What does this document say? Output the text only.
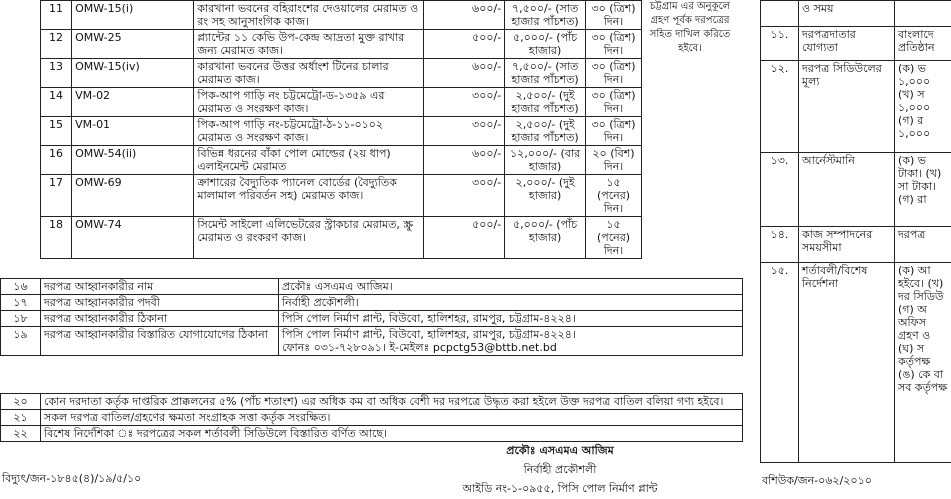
11	OMW-15(i)	কারখানা ভবনের বহিরাংশের দেওয়ালের মেরামত ও রং সহ আনুসাংগিক কাজ।	৬০০/-	৭,৫০০/- (সাত হাজার পাঁচশত)	৩০ (ত্রিশ) দিন।
12	OMW-25	প্ল্যান্টের ১১ কেভি উপ-কেন্দ্র আদ্রতা মুক্ত রাখার জন্য মেরামত কাজ।	৫০০/-	৫,০০০/- (পাঁচ হাজার)	৩০ (ত্রিশ) দিন।
13	OMW-15(iv)	কারখানা ভবনের উত্তর অর্ধাংশ টিনের চালার মেরামত কাজ।	৬০০/-	৭,৫০০/- (সাত হাজার পাঁচশত)	৩০ (ত্রিশ) দিন।
14	VM-02	পিক-আপ গাড়ি নং চট্টমেট্রো-ড-১৩৫৯ এর মেরামত ও সংরক্ষণ কাজ।	৩০০/-	২,৫০০/- (দুই হাজার পাঁচশত)	৩০ (ত্রিশ) দিন।
15	VM-01	পিক-আপ গাড়ি নং-চট্টমেট্রো-ঠ-১১-০১০২ মেরামত ও সংরক্ষণ কাজ।	৩০০/-	২,৫০০/- (দুই হাজার পাঁচশত)	৩০ (ত্রিশ) দিন।
16	OMW-54(ii)	বিভিন্ন ধরনের বাঁকা পোল মোল্ডের (২য় ধাপ) এলাইনমেন্ট মেরামত	৬০০/-	১২,০০০/- (বার হাজার)	২০ (বিশ) দিন।
17	OMW-69	ক্রাশারের বৈদ্যুতিক প্যানেল বোর্ডের (বৈদ্যুতিক মালামাল পরিবর্তন সহ) মেরামত কাজ।	৩০০/-	২,০০০/- (দুই হাজার)	১৫ (পনের) দিন।
18	OMW-74	সিমেন্ট সাইলো এলিভেটরের স্ট্রাকচার মেরামত, স্ক্রু মেরামত ও রংকরণ কাজ।	৫০০/-	৫,০০০/- (পাঁচ হাজার)	১৫ (পনের) দিন।
চট্টগ্রাম এর অনুকূলে গ্রহণ পূর্বক দরপত্রের সহিত দাখিল করিতে হইবে।
১৬	দরপত্র আহ্বানকারীর নাম	প্রকৌঃ এসএমএ আজিম।
১৭	দরপত্র আহ্বানকারীর পদবী	নির্বাহী প্রকৌশলী।
১৮	দরপত্র আহ্বানকারীর ঠিকানা	পিসি পোল নির্মাণ প্লান্ট, বিউবো, হালিশহর, রামপুর, চট্টগ্রাম-৪২২৪।
১৯	দরপত্র আহ্বানকারীর বিস্তারিত যোগাযোগের ঠিকানা	পিসি পোল নির্মাণ প্লান্ট, বিউবো, হালিশহর, রামপুর, চট্টগ্রাম-৪২২৪।
ফোনঃ ০৩১-৭২৮০৯১। ই-মেইলঃ pcpctg53@bttb.net.bd
২০	কোন দরদাতা কর্তৃক দাপ্তরিক প্রাক্কলনের ৫% (পাঁচ শতাংশ) এর অধিক কম বা অধিক বেশী দর দরপত্রে উদ্ধৃত করা হইলে উক্ত দরপত্র বাতিল বলিয়া গণ্য হইবে।
২১	সকল দরপত্র বাতিল/গ্রহণের ক্ষমতা সংগ্রাহক সত্তা কর্তৃক সংরক্ষিত।
২২	বিশেষ নির্দেশিকা ঃ দরপত্রের সকল শর্তাবলী সিডিউলে বিস্তারিত বর্ণিত আছে।
প্রকৌঃ এসএমএ আজিম
নির্বাহী প্রকৌশলী
আইডি নং-১-০৯৫৫, পিসি পোল নির্মাণ প্লান্ট
বিদ্যুৎ/জন-১৮৪৫(৪)/১৯/৫/১০
	ও সময়	
১১.	দরপত্রদাতার যোগ্যতা	বাংলাদে প্রতিষ্ঠান
১২.	দরপত্র সিডিউলের মূল্য	(ক) ভ ১,০০০ (খ) স ১,০০০ (গ) র ১,০০০
১৩.	আর্নেস্টমানি	(ক) ভ টাকা। (খ) সা টাকা। (গ) রা
১৪.	কাজ সম্পাদনের সময়সীমা	দরপত্র
১৫.	শর্তাবলী/বিশেষ নির্দেশনা	(ক) আ হইবে। (খ) দর সিডিউ (গ) অ অফিস গ্রহণ ও (ঘ) স কর্তৃপক্ষ (ঙ) কে বা সব কর্তৃপক্ষ
বশিউক/জন-০৬২/২০১০
